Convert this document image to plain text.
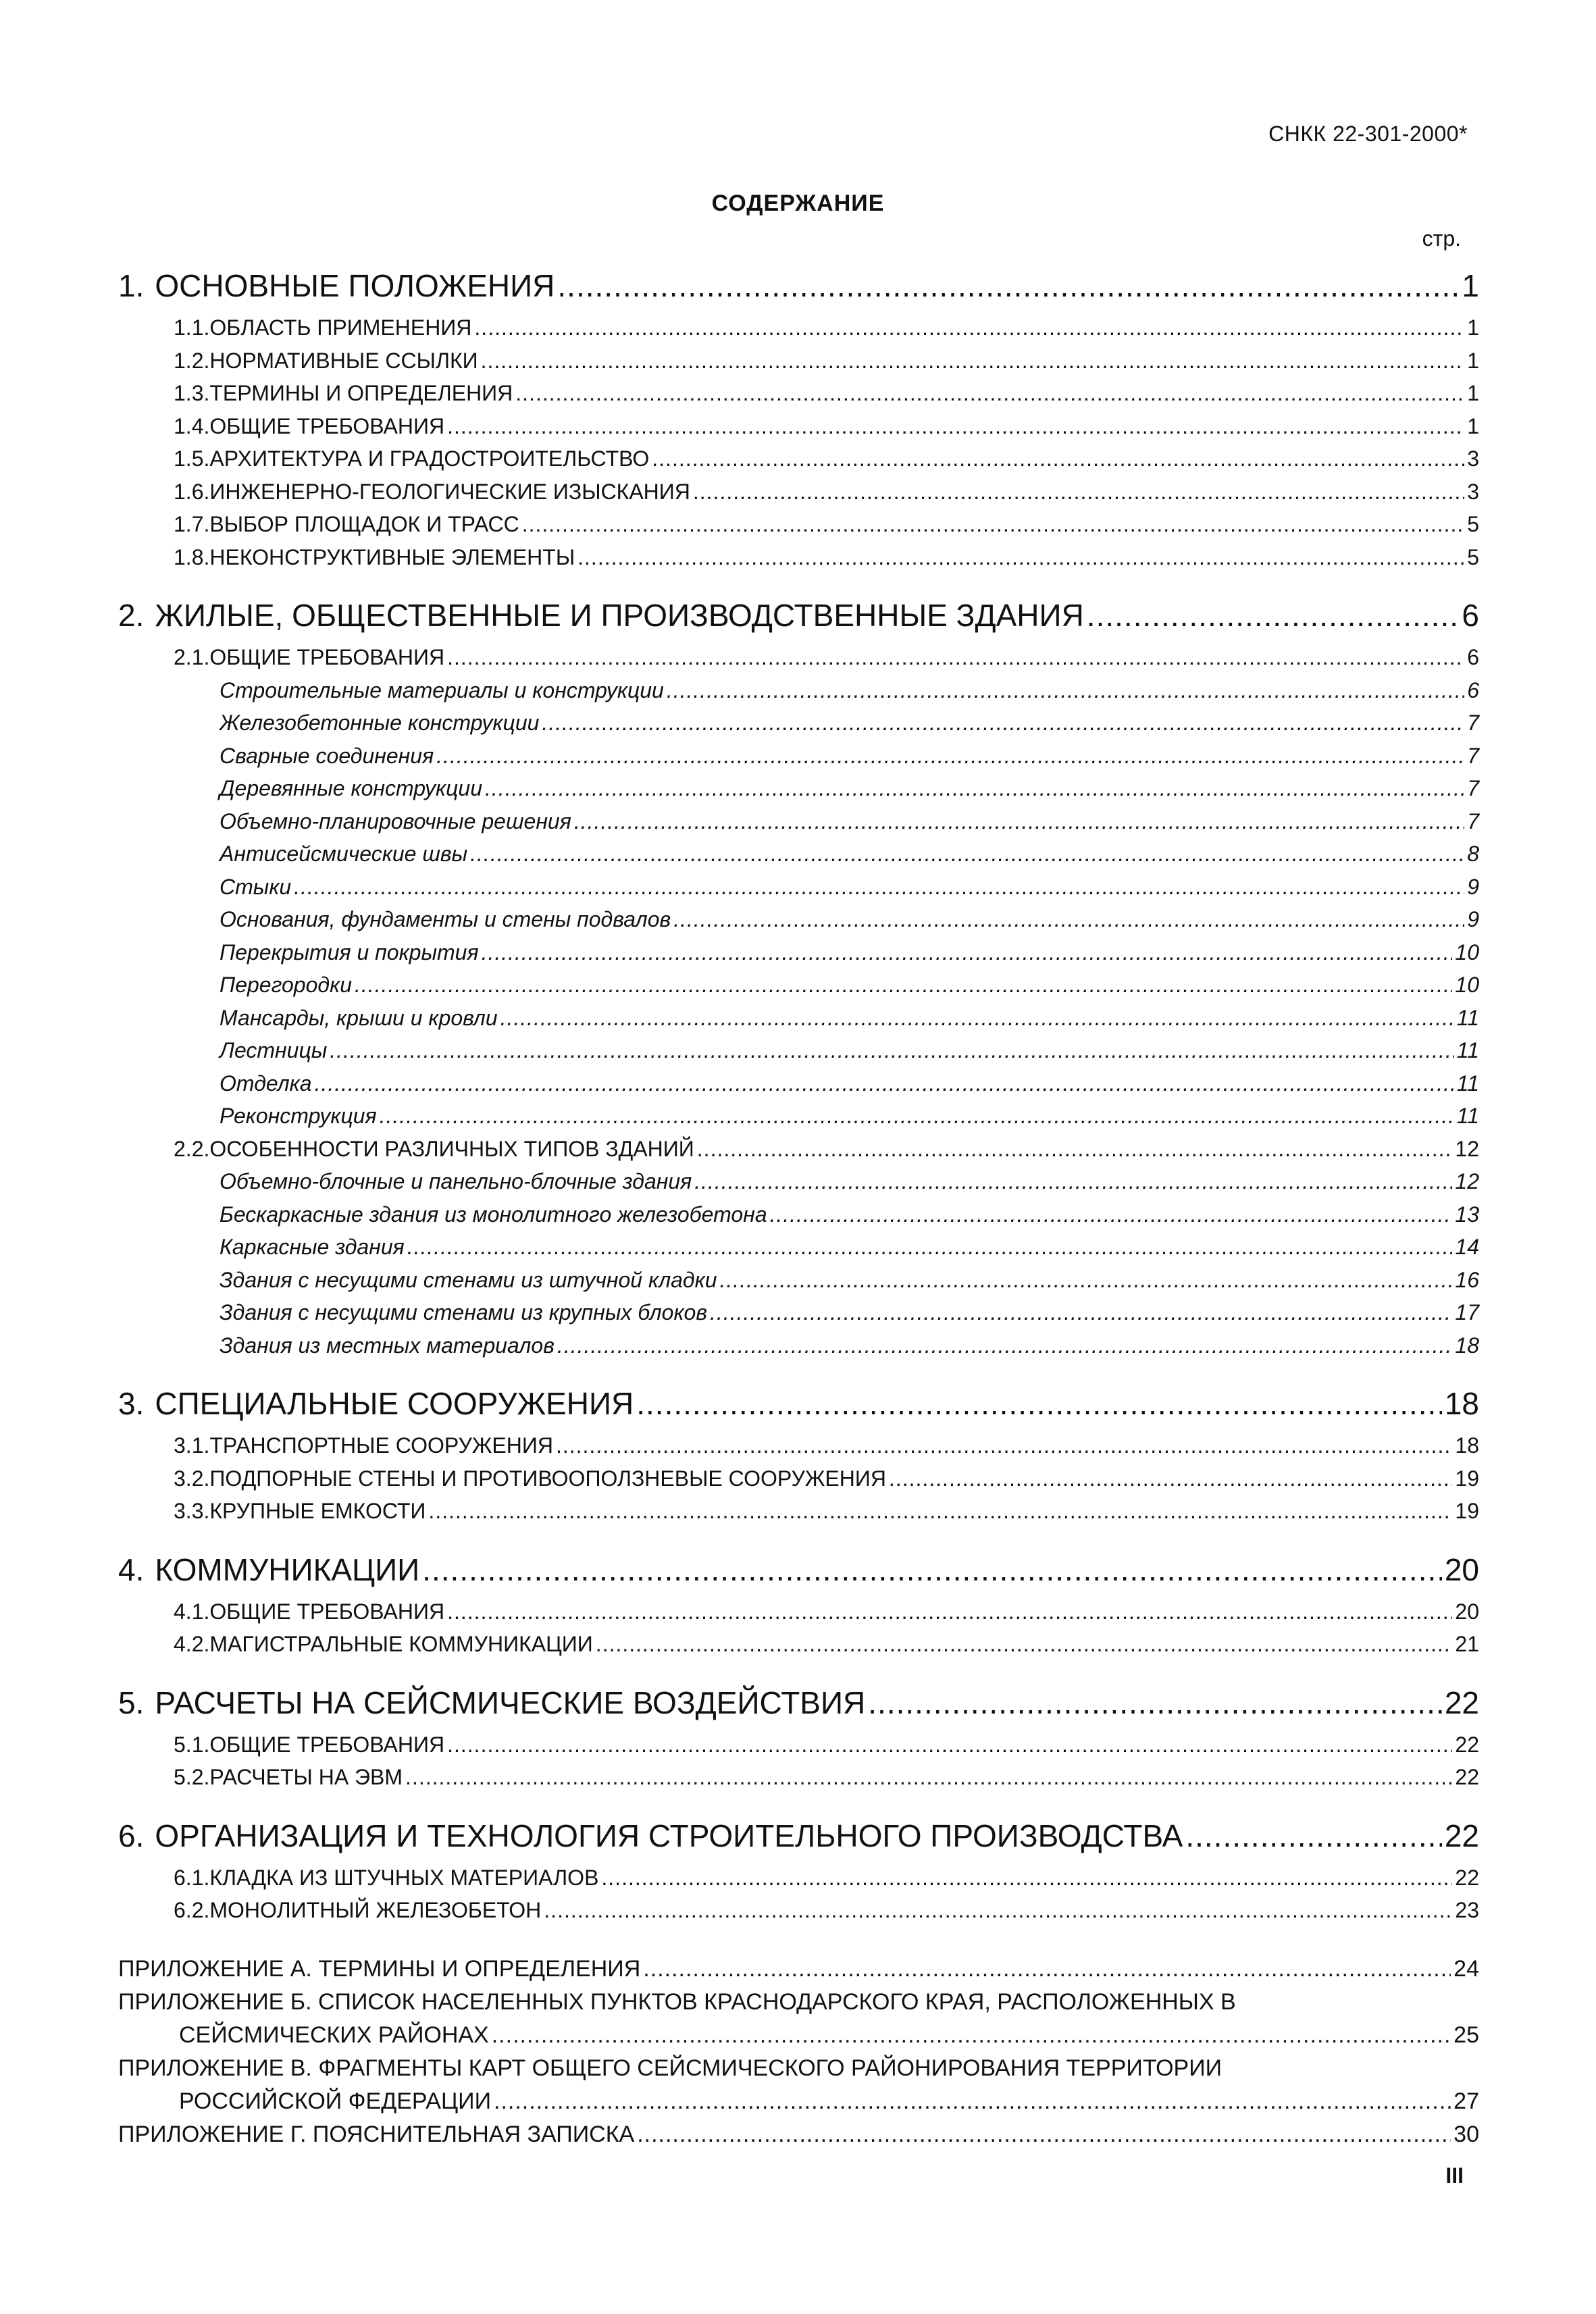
СНКК 22-301-2000*
СОДЕРЖАНИЕ
стр.
1. ОСНОВНЫЕ ПОЛОЖЕНИЯ .....	1
1.1.ОБЛАСТЬ ПРИМЕНЕНИЯ .....	1
1.2.НОРМАТИВНЫЕ ССЫЛКИ .....	1
1.3.ТЕРМИНЫ И ОПРЕДЕЛЕНИЯ .....	1
1.4.ОБЩИЕ ТРЕБОВАНИЯ .....	1
1.5.АРХИТЕКТУРА И ГРАДОСТРОИТЕЛЬСТВО .....	3
1.6.ИНЖЕНЕРНО-ГЕОЛОГИЧЕСКИЕ ИЗЫСКАНИЯ .....	3
1.7.ВЫБОР ПЛОЩАДОК И ТРАСС .....	5
1.8.НЕКОНСТРУКТИВНЫЕ ЭЛЕМЕНТЫ .....	5
2. ЖИЛЫЕ, ОБЩЕСТВЕННЫЕ И ПРОИЗВОДСТВЕННЫЕ ЗДАНИЯ .....	6
2.1.ОБЩИЕ ТРЕБОВАНИЯ .....	6
Строительные материалы и конструкции .....	6
Железобетонные конструкции .....	7
Сварные соединения .....	7
Деревянные конструкции .....	7
Объемно-планировочные решения .....	7
Антисейсмические швы .....	8
Стыки .....	9
Основания, фундаменты и стены подвалов .....	9
Перекрытия и покрытия .....	10
Перегородки .....	10
Мансарды, крыши и кровли .....	11
Лестницы .....	11
Отделка .....	11
Реконструкция .....	11
2.2.ОСОБЕННОСТИ РАЗЛИЧНЫХ ТИПОВ ЗДАНИЙ .....	12
Объемно-блочные и панельно-блочные здания .....	12
Бескаркасные здания из монолитного железобетона .....	13
Каркасные здания .....	14
Здания с несущими стенами из штучной кладки .....	16
Здания с несущими стенами из крупных блоков .....	17
Здания из местных материалов .....	18
3. СПЕЦИАЛЬНЫЕ СООРУЖЕНИЯ .....	18
3.1.ТРАНСПОРТНЫЕ СООРУЖЕНИЯ .....	18
3.2.ПОДПОРНЫЕ СТЕНЫ И ПРОТИВООПОЛЗНЕВЫЕ СООРУЖЕНИЯ .....	19
3.3.КРУПНЫЕ ЕМКОСТИ .....	19
4. КОММУНИКАЦИИ .....	20
4.1.ОБЩИЕ ТРЕБОВАНИЯ .....	20
4.2.МАГИСТРАЛЬНЫЕ КОММУНИКАЦИИ .....	21
5. РАСЧЕТЫ НА СЕЙСМИЧЕСКИЕ ВОЗДЕЙСТВИЯ .....	22
5.1.ОБЩИЕ ТРЕБОВАНИЯ .....	22
5.2.РАСЧЕТЫ НА ЭВМ .....	22
6. ОРГАНИЗАЦИЯ И ТЕХНОЛОГИЯ СТРОИТЕЛЬНОГО ПРОИЗВОДСТВА .....	22
6.1.КЛАДКА ИЗ ШТУЧНЫХ МАТЕРИАЛОВ .....	22
6.2.МОНОЛИТНЫЙ ЖЕЛЕЗОБЕТОН .....	23
ПРИЛОЖЕНИЕ А. ТЕРМИНЫ И ОПРЕДЕЛЕНИЯ .....	24
ПРИЛОЖЕНИЕ Б. СПИСОК НАСЕЛЕННЫХ ПУНКТОВ КРАСНОДАРСКОГО КРАЯ, РАСПОЛОЖЕННЫХ В
СЕЙСМИЧЕСКИХ РАЙОНАХ .....	25
ПРИЛОЖЕНИЕ В. ФРАГМЕНТЫ КАРТ ОБЩЕГО СЕЙСМИЧЕСКОГО РАЙОНИРОВАНИЯ ТЕРРИТОРИИ
РОССИЙСКОЙ ФЕДЕРАЦИИ .....	27
ПРИЛОЖЕНИЕ Г. ПОЯСНИТЕЛЬНАЯ ЗАПИСКА .....	30
III
